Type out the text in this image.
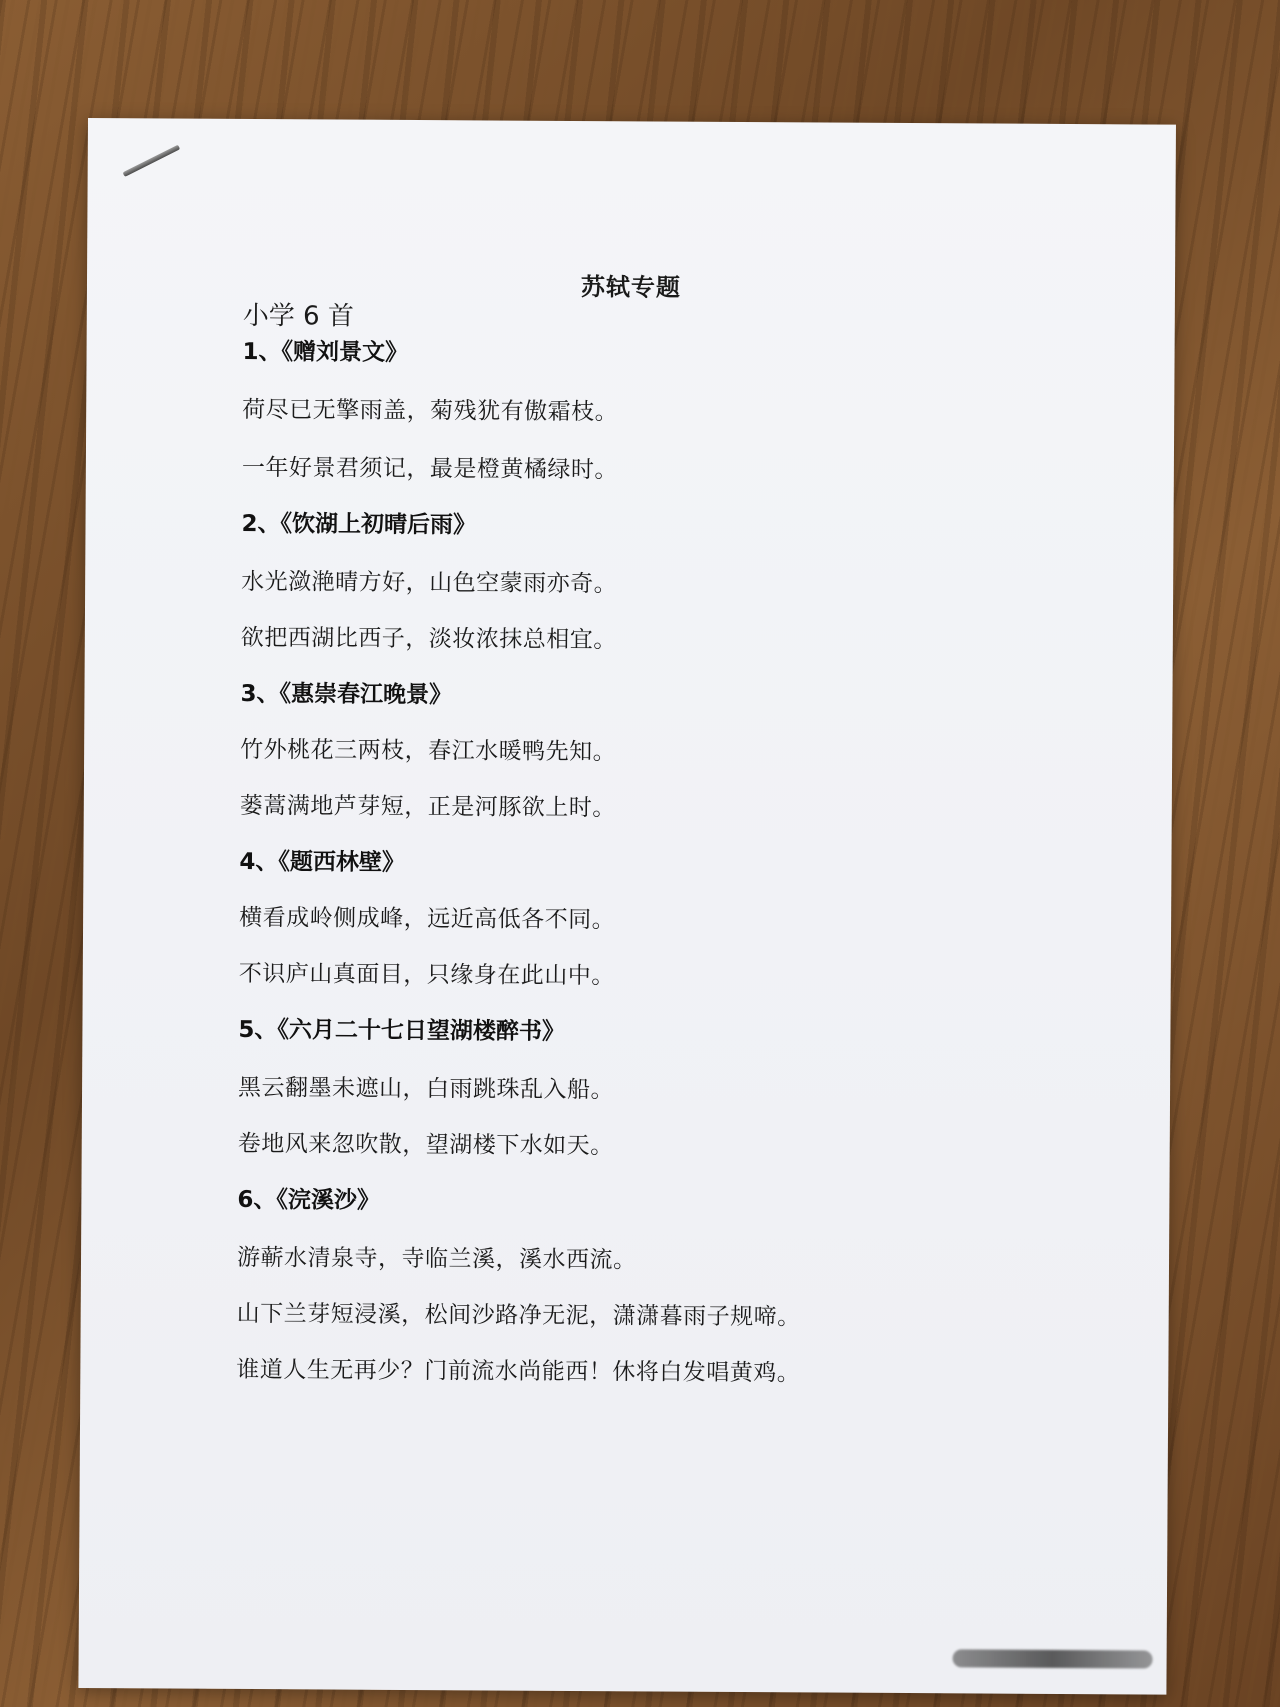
苏轼专题
小学 6 首
1、《赠刘景文》
荷尽已无擎雨盖，菊残犹有傲霜枝。
一年好景君须记，最是橙黄橘绿时。
2、《饮湖上初晴后雨》
水光潋滟晴方好，山色空蒙雨亦奇。
欲把西湖比西子，淡妆浓抹总相宜。
3、《惠崇春江晚景》
竹外桃花三两枝，春江水暖鸭先知。
蒌蒿满地芦芽短，正是河豚欲上时。
4、《题西林壁》
横看成岭侧成峰，远近高低各不同。
不识庐山真面目，只缘身在此山中。
5、《六月二十七日望湖楼醉书》
黑云翻墨未遮山，白雨跳珠乱入船。
卷地风来忽吹散，望湖楼下水如天。
6、《浣溪沙》
游蕲水清泉寺，寺临兰溪，溪水西流。
山下兰芽短浸溪，松间沙路净无泥，潇潇暮雨子规啼。
谁道人生无再少？门前流水尚能西！休将白发唱黄鸡。
